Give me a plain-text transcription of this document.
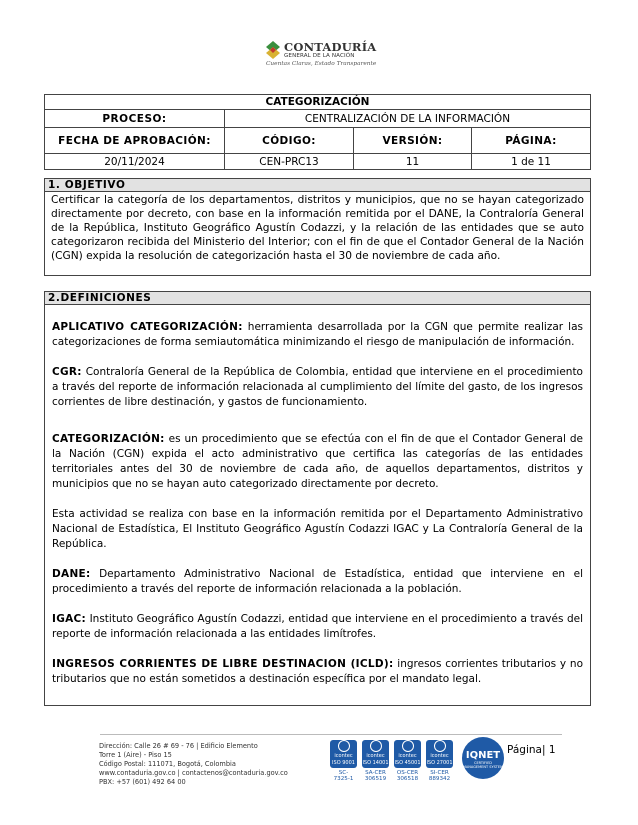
CONTADURÍA
GENERAL DE LA NACIÓN
Cuentas Claras, Estado Transparente
CATEGORIZACIÓN			
PROCESO:	CENTRALIZACIÓN DE LA INFORMACIÓN		
FECHA DE APROBACIÓN:	CÓDIGO:	VERSIÓN:	PÁGINA:
20/11/2024	CEN-PRC13	11	1 de 11
1. OBJETIVO
Certificar la categoría de los departamentos, distritos y municipios, que no se hayan categorizado directamente por decreto, con base en la información remitida por el DANE, la Contraloría General de la República, Instituto Geográfico Agustín Codazzi, y la relación de las entidades que se auto categorizaron recibida del Ministerio del Interior; con el fin de que el Contador General de la Nación (CGN) expida la resolución de categorización hasta el 30 de noviembre de cada año.
2.DEFINICIONES

APLICATIVO CATEGORIZACIÓN: herramienta desarrollada por la CGN que permite realizar las categorizaciones de forma semiautomática minimizando el riesgo de manipulación de información.

CGR: Contraloría General de la República de Colombia, entidad que interviene en el procedimiento a través del reporte de información relacionada al cumplimiento del límite del gasto, de los ingresos corrientes de libre destinación, y gastos de funcionamiento.

CATEGORIZACIÓN: es un procedimiento que se efectúa con el fin de que el Contador General de la Nación (CGN) expida el acto administrativo que certifica las categorías de las entidades territoriales antes del 30 de noviembre de cada año, de aquellos departamentos, distritos y municipios que no se hayan auto categorizado directamente por decreto.

Esta actividad se realiza con base en la información remitida por el Departamento Administrativo Nacional de Estadística, El Instituto Geográfico Agustín Codazzi IGAC y La Contraloría General de la República.

DANE: Departamento Administrativo Nacional de Estadística, entidad que interviene en el procedimiento a través del reporte de información relacionada a la población.

IGAC: Instituto Geográfico Agustín Codazzi, entidad que interviene en el procedimiento a través del reporte de información relacionada a las entidades limítrofes.

INGRESOS CORRIENTES DE LIBRE DESTINACION (ICLD): ingresos corrientes tributarios y no tributarios que no están sometidos a destinación específica por el mandato legal.

Dirección: Calle 26 # 69 - 76 | Edificio Elemento
Torre 1 (Aire) - Piso 15
Código Postal: 111071, Bogotá, Colombia
www.contaduria.gov.co | contactenos@contaduria.gov.co
PBX: +57 (601) 492 64 00
icontec
ISO 9001
SC-
7325-1
icontec
ISO 14001
SA-CER
306519
icontec
ISO 45001
OS-CER
306518
icontec
ISO 27001
SI-CER
889342
IQNET
CERTIFIED MANAGEMENT SYSTEM
Página| 1
